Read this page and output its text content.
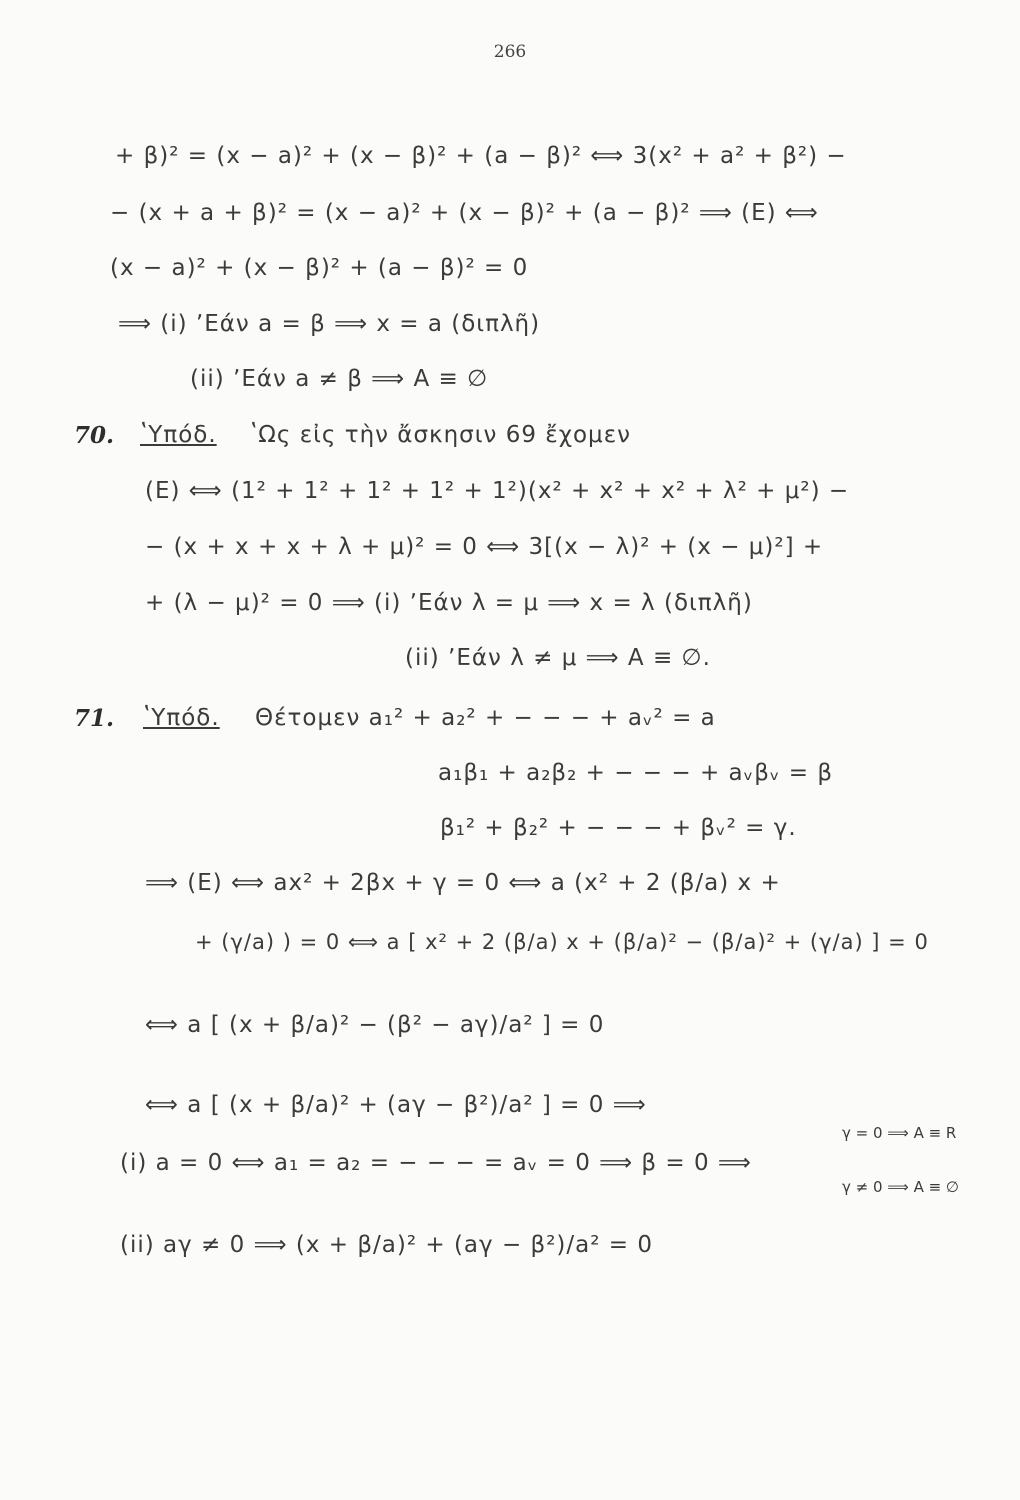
266
+ β)² = (x − a)² + (x − β)² + (a − β)² ⟺ 3(x² + a² + β²) −
− (x + a + β)² = (x − a)² + (x − β)² + (a − β)² ⟹ (E) ⟺
(x − a)² + (x − β)² + (a − β)² = 0
⟹ (i) ʼΕάν a = β ⟹ x = a (διπλῆ)
(ii) ʼΕάν a ≠ β ⟹ A ≡ ∅
70. ʽΥπόδ. ʽΩς εἰς τὴν ἄσκησιν 69 ἔχομεν
(E) ⟺ (1² + 1² + 1² + 1² + 1²)(x² + x² + x² + λ² + μ²) −
− (x + x + x + λ + μ)² = 0 ⟺ 3[(x − λ)² + (x − μ)²] +
+ (λ − μ)² = 0 ⟹ (i) ʼΕάν λ = μ ⟹ x = λ (διπλῆ)
(ii) ʼΕάν λ ≠ μ ⟹ A ≡ ∅.
71. ʽΥπόδ. Θέτομεν a₁² + a₂² + − − − + aᵥ² = a
a₁β₁ + a₂β₂ + − − − + aᵥβᵥ = β
β₁² + β₂² + − − − + βᵥ² = γ.
⟹ (E) ⟺ ax² + 2βx + γ = 0 ⟺ a (x² + 2 (β/a) x +
+ (γ/a) ) = 0 ⟺ a [ x² + 2 (β/a) x + (β/a)² − (β/a)² + (γ/a) ] = 0
⟺ a [ (x + β/a)² − (β² − aγ)/a² ] = 0
⟺ a [ (x + β/a)² + (aγ − β²)/a² ] = 0 ⟹
(i) a = 0 ⟺ a₁ = a₂ = − − − = aᵥ = 0 ⟹ β = 0 ⟹
γ = 0 ⟹ A ≡ R
γ ≠ 0 ⟹ A ≡ ∅
(ii) aγ ≠ 0 ⟹ (x + β/a)² + (aγ − β²)/a² = 0
